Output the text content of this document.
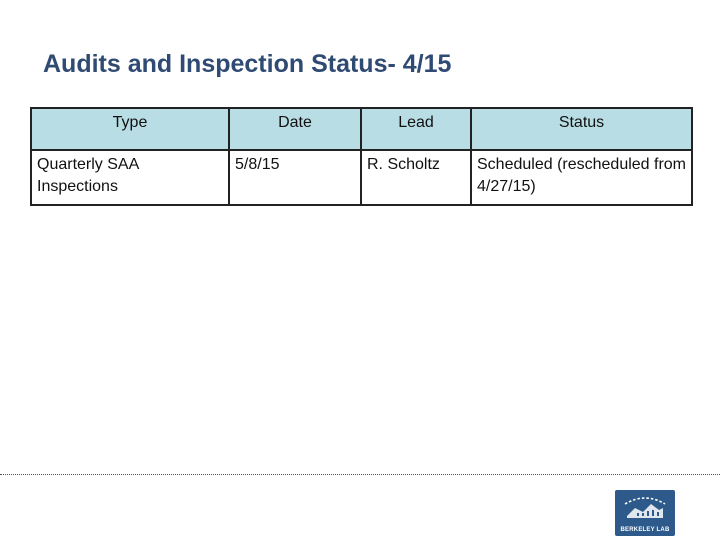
Audits and Inspection Status- 4/15
Type	Date	Lead	Status
Quarterly SAA Inspections	5/8/15	R. Scholtz	Scheduled (rescheduled from 4/27/15)
BERKELEY LAB
